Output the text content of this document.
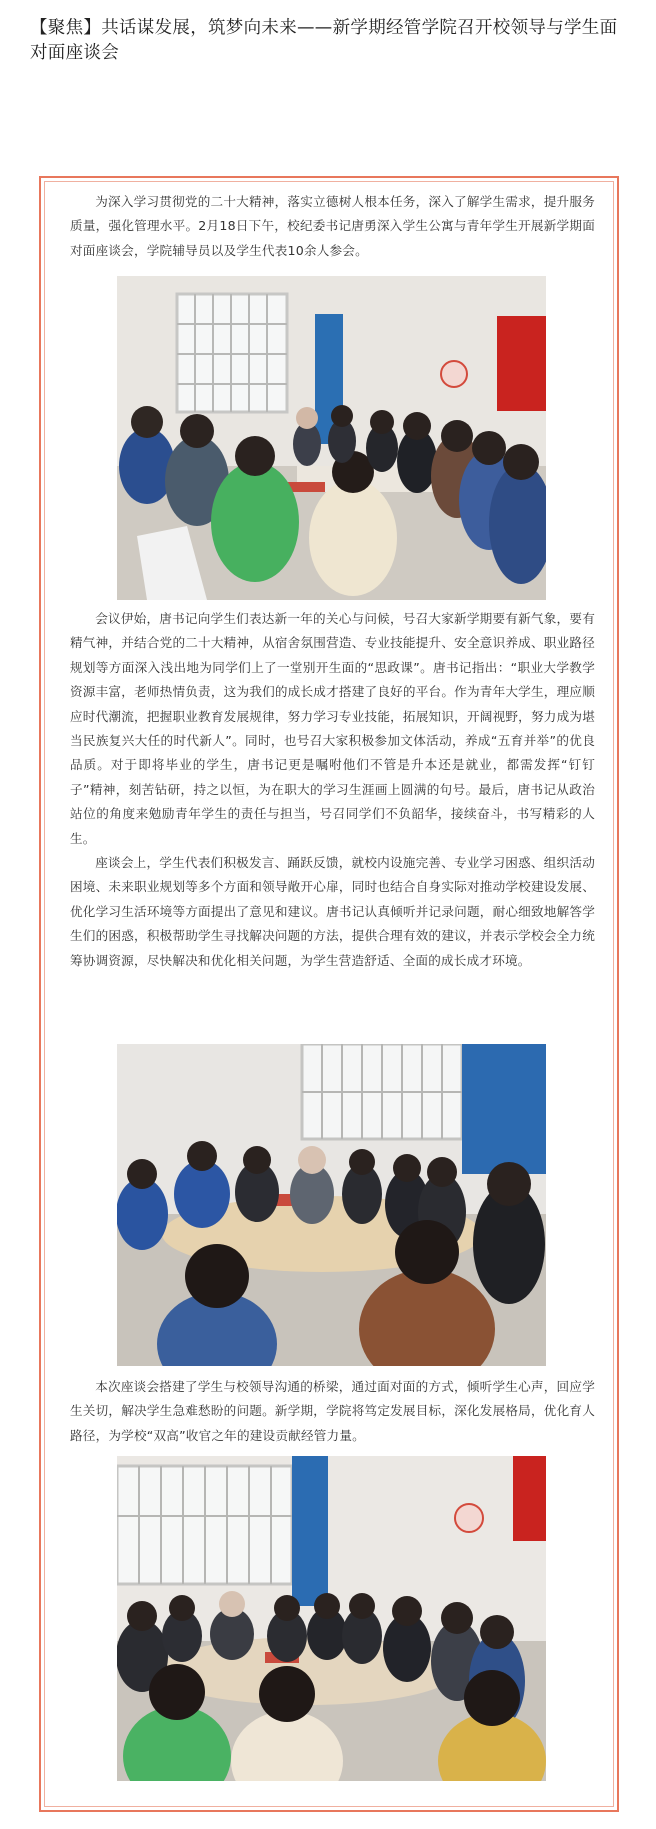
【聚焦】共话谋发展，筑梦向未来——新学期经管学院召开校领导与学生面对面座谈会
为深入学习贯彻党的二十大精神，落实立德树人根本任务，深入了解学生需求，提升服务质量，强化管理水平。2月18日下午，校纪委书记唐勇深入学生公寓与青年学生开展新学期面对面座谈会，学院辅导员以及学生代表10余人参会。
会议伊始，唐书记向学生们表达新一年的关心与问候，号召大家新学期要有新气象，要有精气神，并结合党的二十大精神，从宿舍氛围营造、专业技能提升、安全意识养成、职业路径规划等方面深入浅出地为同学们上了一堂别开生面的“思政课”。唐书记指出：“职业大学教学资源丰富，老师热情负责，这为我们的成长成才搭建了良好的平台。作为青年大学生，理应顺应时代潮流，把握职业教育发展规律，努力学习专业技能，拓展知识，开阔视野，努力成为堪当民族复兴大任的时代新人”。同时，也号召大家积极参加文体活动，养成“五育并举”的优良品质。对于即将毕业的学生，唐书记更是嘱咐他们不管是升本还是就业，都需发挥“钉钉子”精神，刻苦钻研，持之以恒，为在职大的学习生涯画上圆满的句号。最后，唐书记从政治站位的角度来勉励青年学生的责任与担当，号召同学们不负韶华，接续奋斗，书写精彩的人生。
座谈会上，学生代表们积极发言、踊跃反馈，就校内设施完善、专业学习困惑、组织活动困境、未来职业规划等多个方面和领导敞开心扉，同时也结合自身实际对推动学校建设发展、优化学习生活环境等方面提出了意见和建议。唐书记认真倾听并记录问题，耐心细致地解答学生们的困惑，积极帮助学生寻找解决问题的方法，提供合理有效的建议，并表示学校会全力统筹协调资源，尽快解决和优化相关问题，为学生营造舒适、全面的成长成才环境。
本次座谈会搭建了学生与校领导沟通的桥梁，通过面对面的方式，倾听学生心声，回应学生关切，解决学生急难愁盼的问题。新学期，学院将笃定发展目标，深化发展格局，优化育人路径，为学校“双高”收官之年的建设贡献经管力量。
